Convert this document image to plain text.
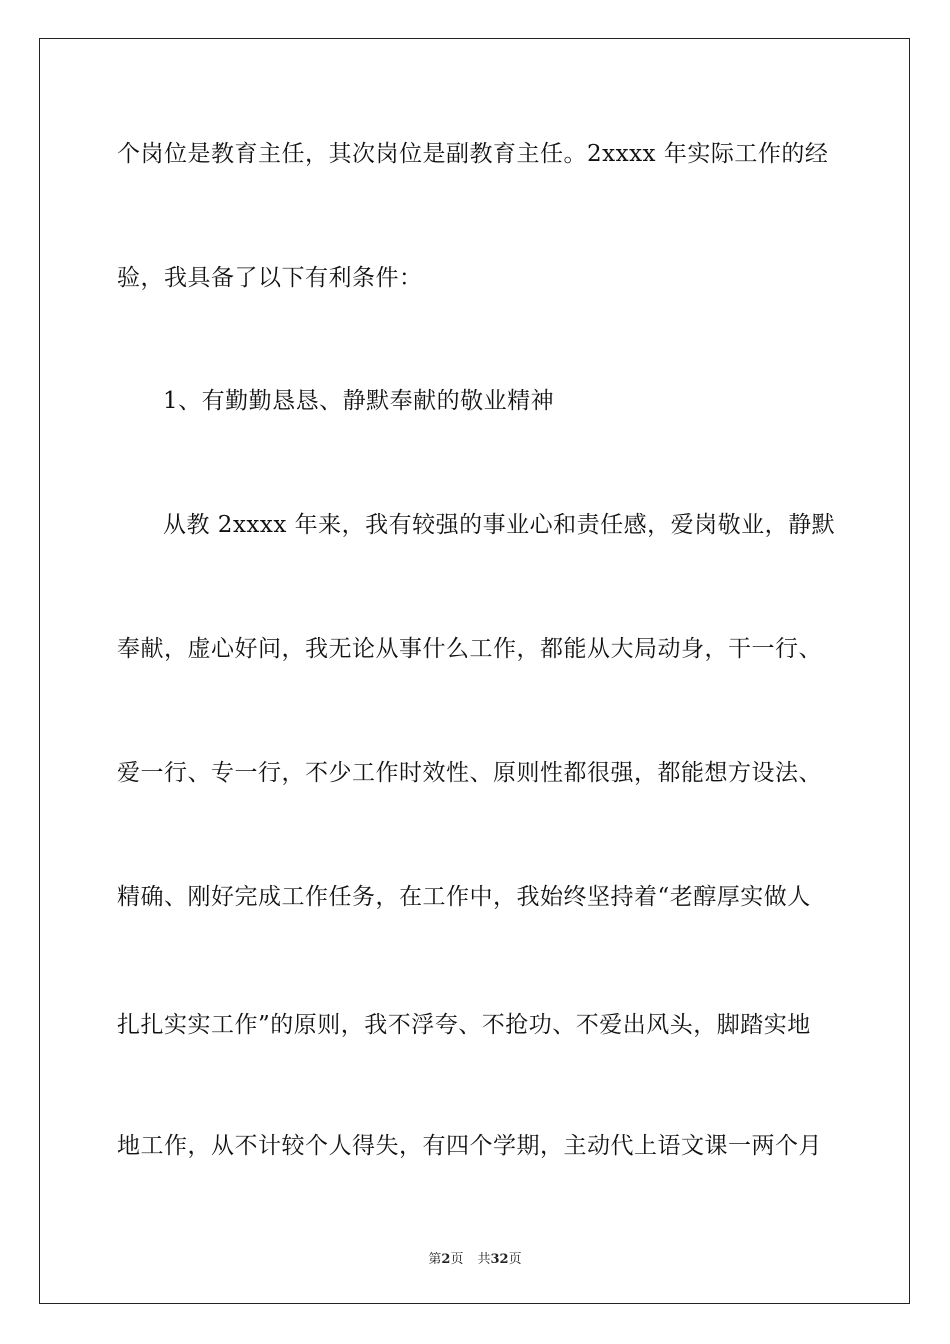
个岗位是教育主任，其次岗位是副教育主任。2xxxx 年实际工作的经
验，我具备了以下有利条件：
1、有勤勤恳恳、静默奉献的敬业精神
从教 2xxxx 年来，我有较强的事业心和责任感，爱岗敬业，静默
奉献，虚心好问，我无论从事什么工作，都能从大局动身，干一行、
爱一行、专一行，不少工作时效性、原则性都很强，都能想方设法、
精确、刚好完成工作任务，在工作中，我始终坚持着“老醇厚实做人
扎扎实实工作”的原则，我不浮夸、不抢功、不爱出风头，脚踏实地
地工作，从不计较个人得失，有四个学期，主动代上语文课一两个月
第2页 共32页
